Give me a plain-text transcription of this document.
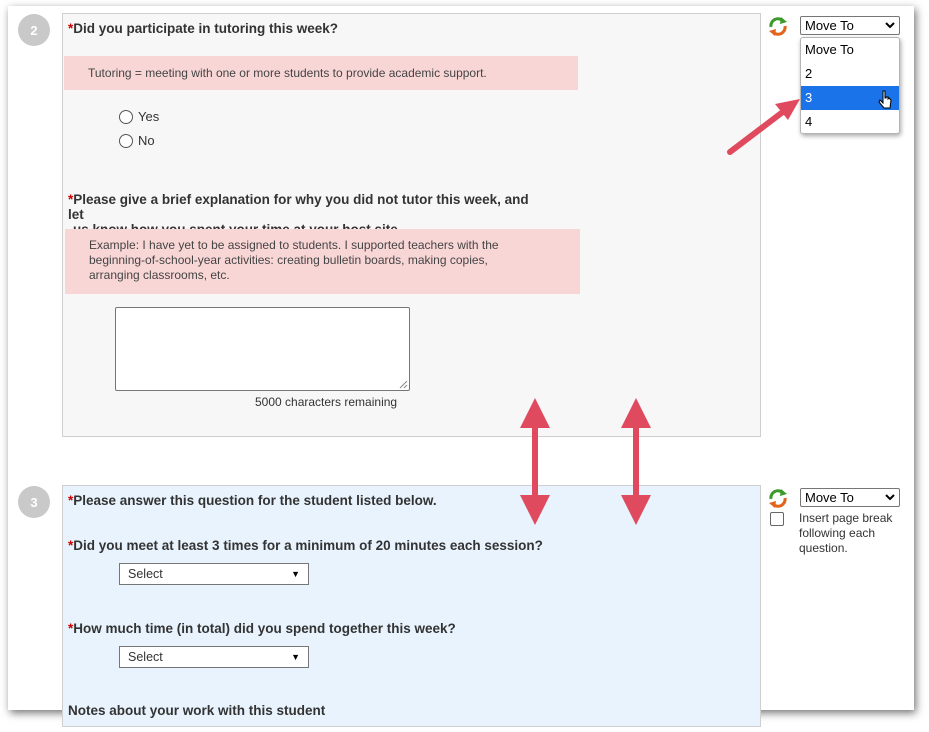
2 *Did you participate in tutoring this week?
Tutoring = meeting with one or more students to provide academic support.
Yes
No
*Please give a brief explanation for why you did not tutor this week, and let
Example: I have yet to be assigned to students. I supported teachers with the
beginning-of-school-year activities: creating bulletin boards, making copies,
arranging classrooms, etc.
5000 characters remaining
Move To
Move To
2
3
4
3 *Please answer this question for the student listed below.
*Did you meet at least 3 times for a minimum of 20 minutes each session?
Select	▼
*How much time (in total) did you spend together this week?
Select	▼
Notes about your work with this student
Move To
Insert page break
following each
question.
